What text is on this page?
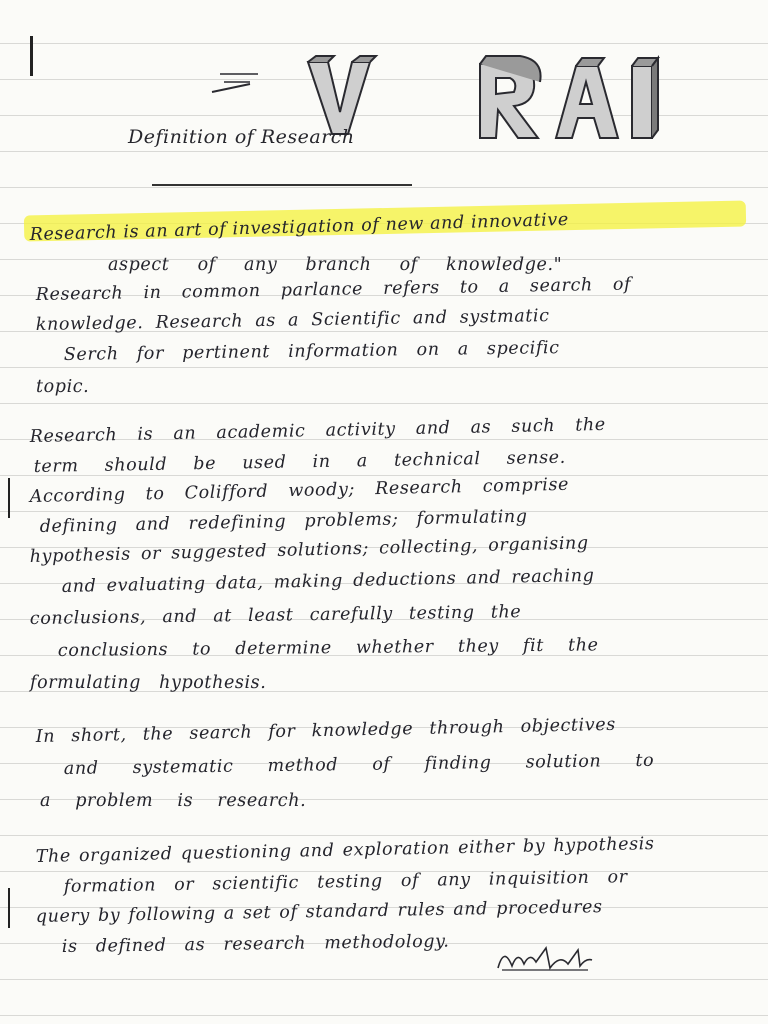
Definition of Research
Research is an art of investigation of new and innovative
aspect of any branch of knowledge."
Research in common parlance refers to a search of
knowledge. Research as a Scientific and systmatic
Serch for pertinent information on a specific
topic.
Research is an academic activity and as such the
term should be used in a technical sense.
According to Colifford woody; Research comprise
defining and redefining problems; formulating
hypothesis or suggested solutions; collecting, organising
and evaluating data, making deductions and reaching
conclusions, and at least carefully testing the
conclusions to determine whether they fit the
formulating hypothesis.
In short, the search for knowledge through objectives
and systematic method of finding solution to
a problem is research.
The organized questioning and exploration either by hypothesis
formation or scientific testing of any inquisition or
query by following a set of standard rules and procedures
is defined as research methodology.
